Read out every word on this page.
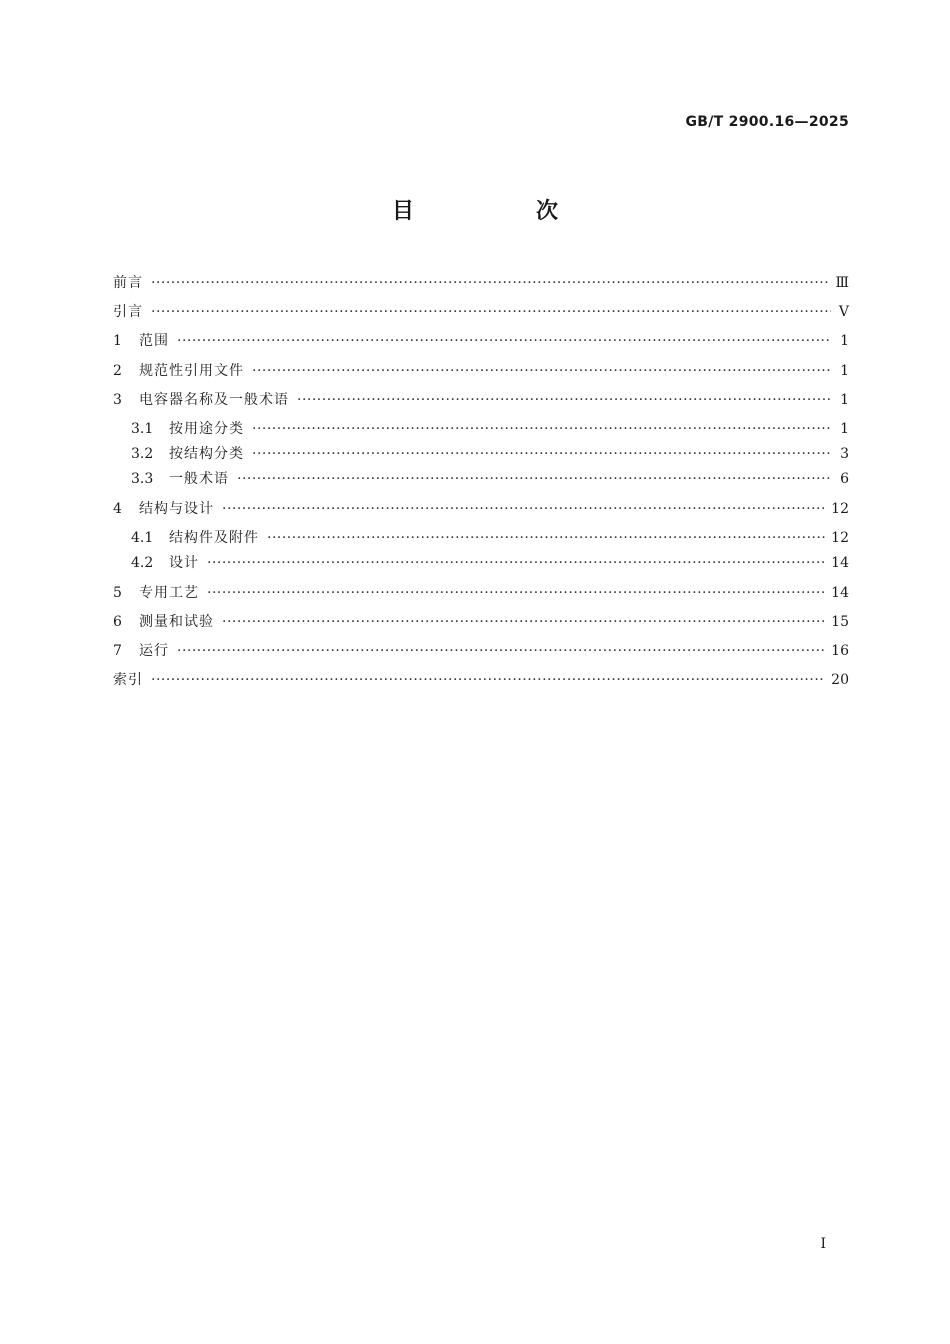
GB/T 2900.16—2025
目　次
前言 ·····	Ⅲ
引言 ·····	Ⅴ
1	范围 ·····	1
2	规范性引用文件 ·····	1
3	电容器名称及一般术语 ·····	1
3.1	按用途分类 ·····	1
3.2	按结构分类 ·····	3
3.3	一般术语 ·····	6
4	结构与设计 ·····	12
4.1	结构件及附件 ·····	12
4.2	设计 ·····	14
5	专用工艺 ·····	14
6	测量和试验 ·····	15
7	运行 ·····	16
索引 ·····	20
I
